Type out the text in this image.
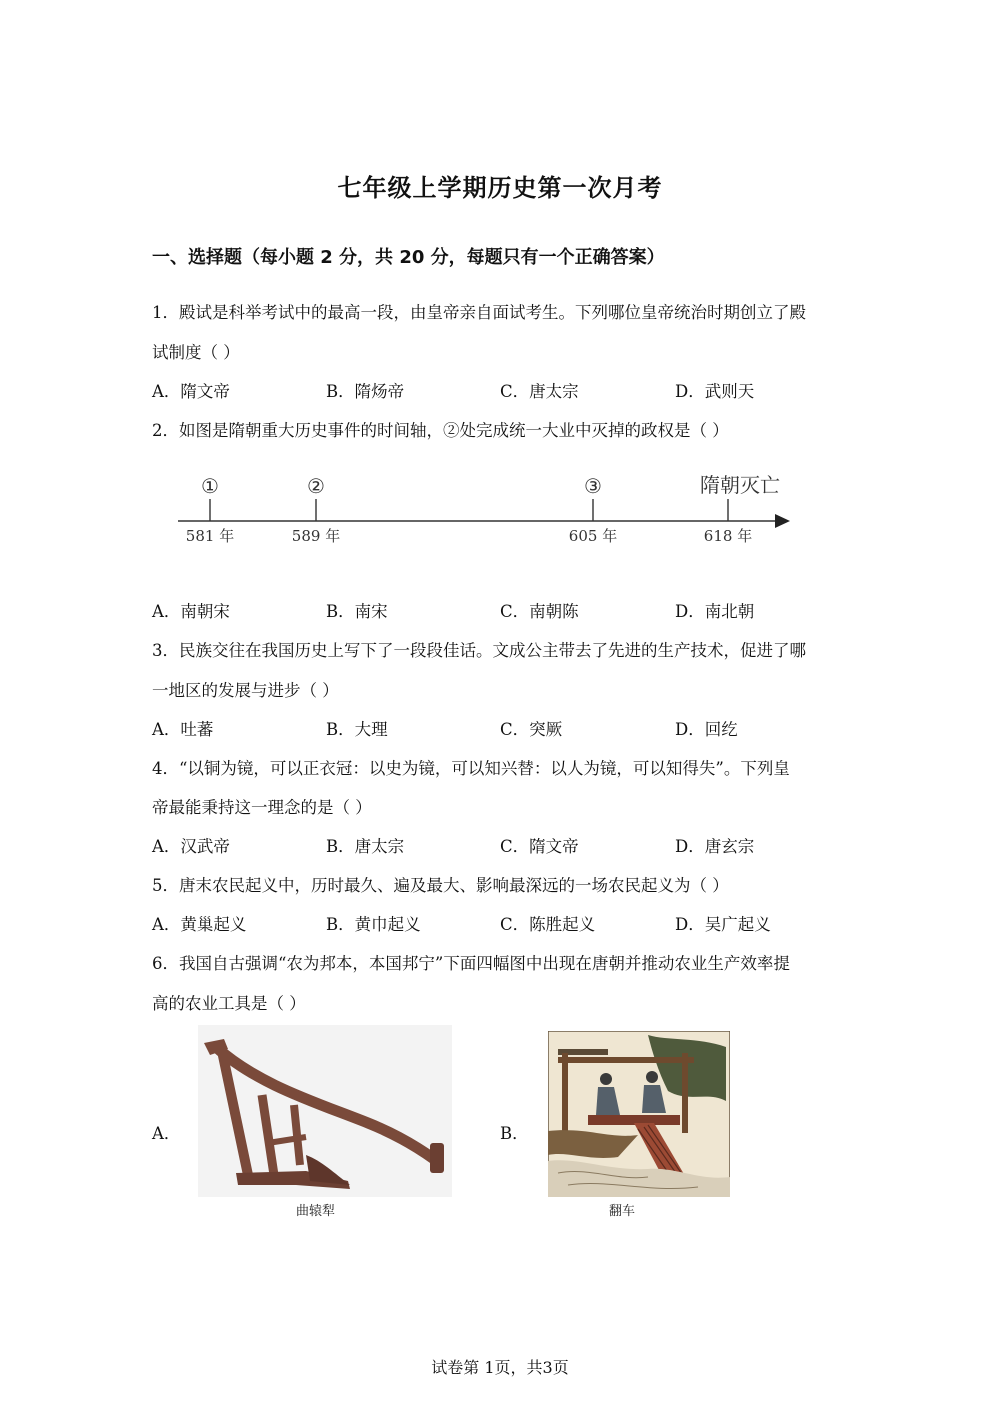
七年级上学期历史第一次月考
一、选择题（每小题 2 分，共 20 分，每题只有一个正确答案）
1．殿试是科举考试中的最高一段，由皇帝亲自面试考生。下列哪位皇帝统治时期创立了殿
试制度（ ）
A．隋文帝	B．隋炀帝	C．唐太宗	D．武则天
2．如图是隋朝重大历史事件的时间轴，②处完成统一大业中灭掉的政权是（ ）
①	②	③	隋朝灭亡
581 年	589 年	605 年	618 年
A．南朝宋	B．南宋	C．南朝陈	D．南北朝
3．民族交往在我国历史上写下了一段段佳话。文成公主带去了先进的生产技术，促进了哪
一地区的发展与进步（ ）
A．吐蕃	B．大理	C．突厥	D．回纥
4．“以铜为镜，可以正衣冠：以史为镜，可以知兴替：以人为镜，可以知得失”。下列皇
帝最能秉持这一理念的是（ ）
A．汉武帝	B．唐太宗	C．隋文帝	D．唐玄宗
5．唐末农民起义中，历时最久、遍及最大、影响最深远的一场农民起义为（ ）
A．黄巢起义	B．黄巾起义	C．陈胜起义	D．吴广起义
6．我国自古强调“农为邦本，本国邦宁”下面四幅图中出现在唐朝并推动农业生产效率提
高的农业工具是（ ）
A．
曲辕犁
B．
翻车
试卷第 1页，共3页
